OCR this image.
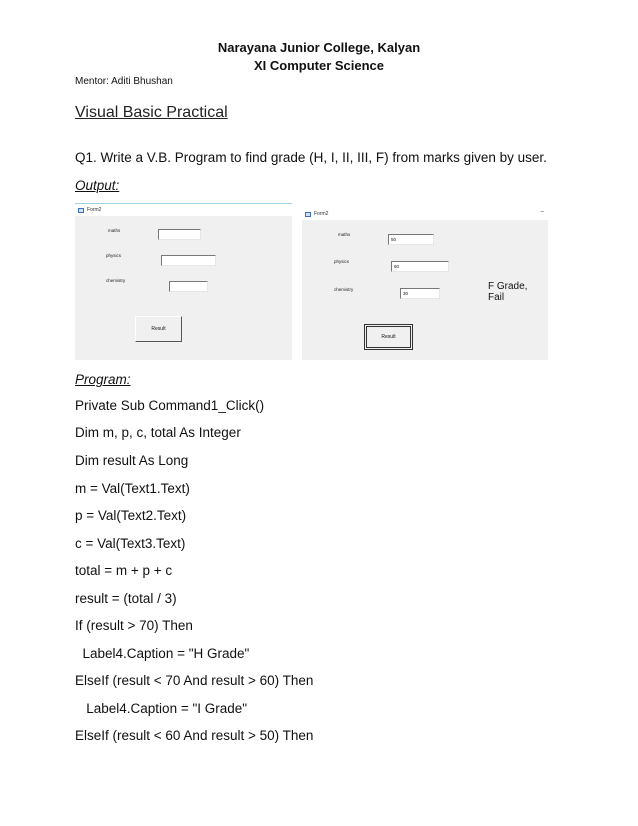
Narayana Junior College, Kalyan
XI Computer Science
Mentor: Aditi Bhushan
Visual Basic Practical
Q1. Write a V.B. Program to find grade (H, I, II, III, F) from marks given by user.
Output:
Form2
maths
physics
chemistry
Result
Form2	–
maths
50
physics
60
chemistry
30
F Grade,
Fail
Result
Program:
Private Sub Command1_Click()
Dim m, p, c, total As Integer
Dim result As Long
m = Val(Text1.Text)
p = Val(Text2.Text)
c = Val(Text3.Text)
total = m + p + c
result = (total / 3)
If (result > 70) Then
Label4.Caption = "H Grade"
ElseIf (result < 70 And result > 60) Then
Label4.Caption = "I Grade"
ElseIf (result < 60 And result > 50) Then
